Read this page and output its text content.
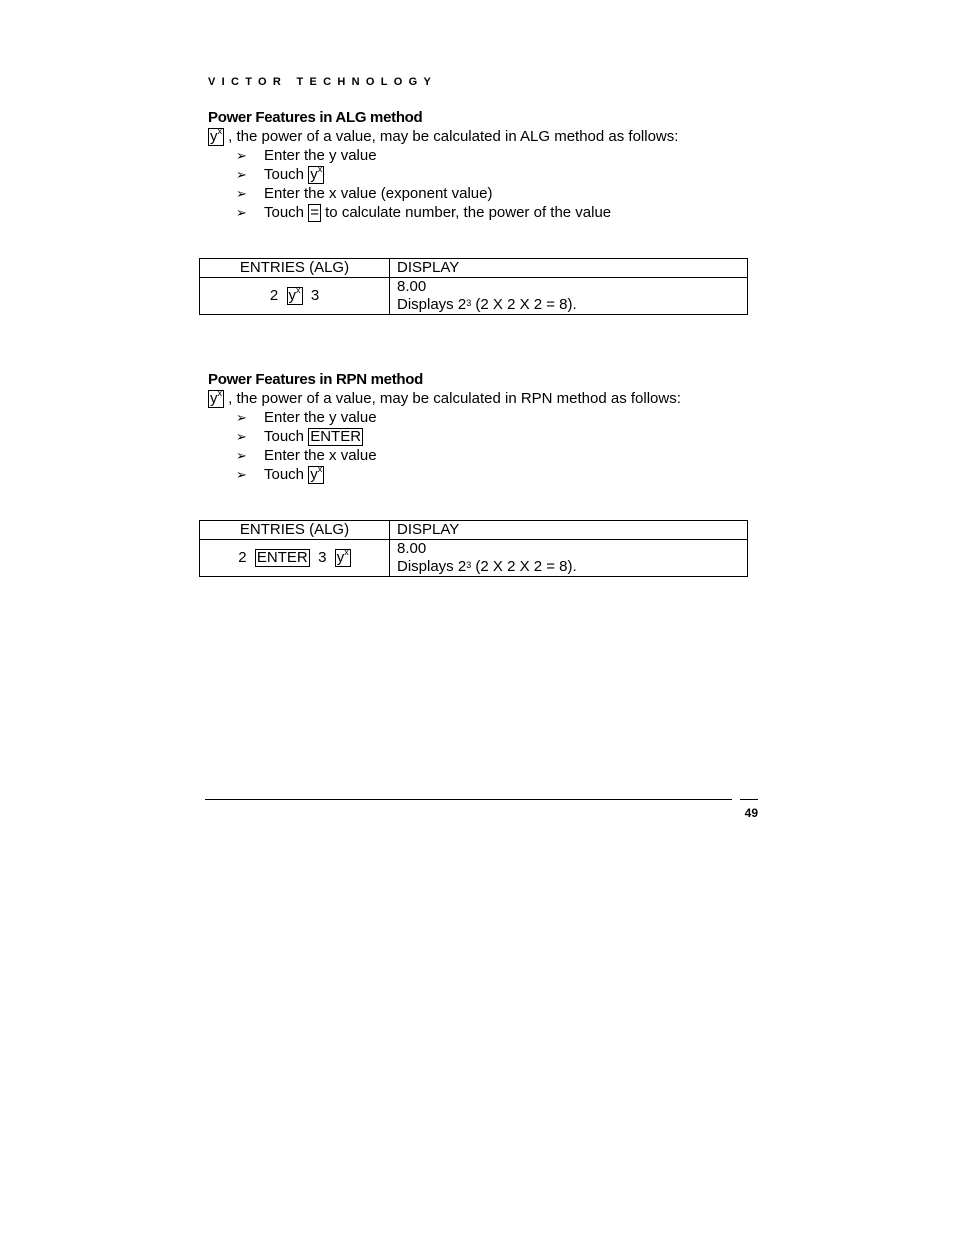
VICTOR TECHNOLOGY
Power Features in ALG method
$y^x$ , the power of a value, may be calculated in ALG method as follows:
➢ Enter the y value
➢ Touch $y^x$
➢ Enter the x value (exponent value)
➢ Touch = to calculate number, the power of the value
ENTRIES (ALG)	DISPLAY
2 $y^x$ 3	8.00
Displays $2^3$ (2 X 2 X 2 = 8).
Power Features in RPN method
$y^x$ , the power of a value, may be calculated in RPN method as follows:
➢ Enter the y value
➢ Touch ENTER
➢ Enter the x value
➢ Touch $y^x$
ENTRIES (ALG)	DISPLAY
2 ENTER 3 $y^x$	8.00
Displays $2^3$ (2 X 2 X 2 = 8).
49
